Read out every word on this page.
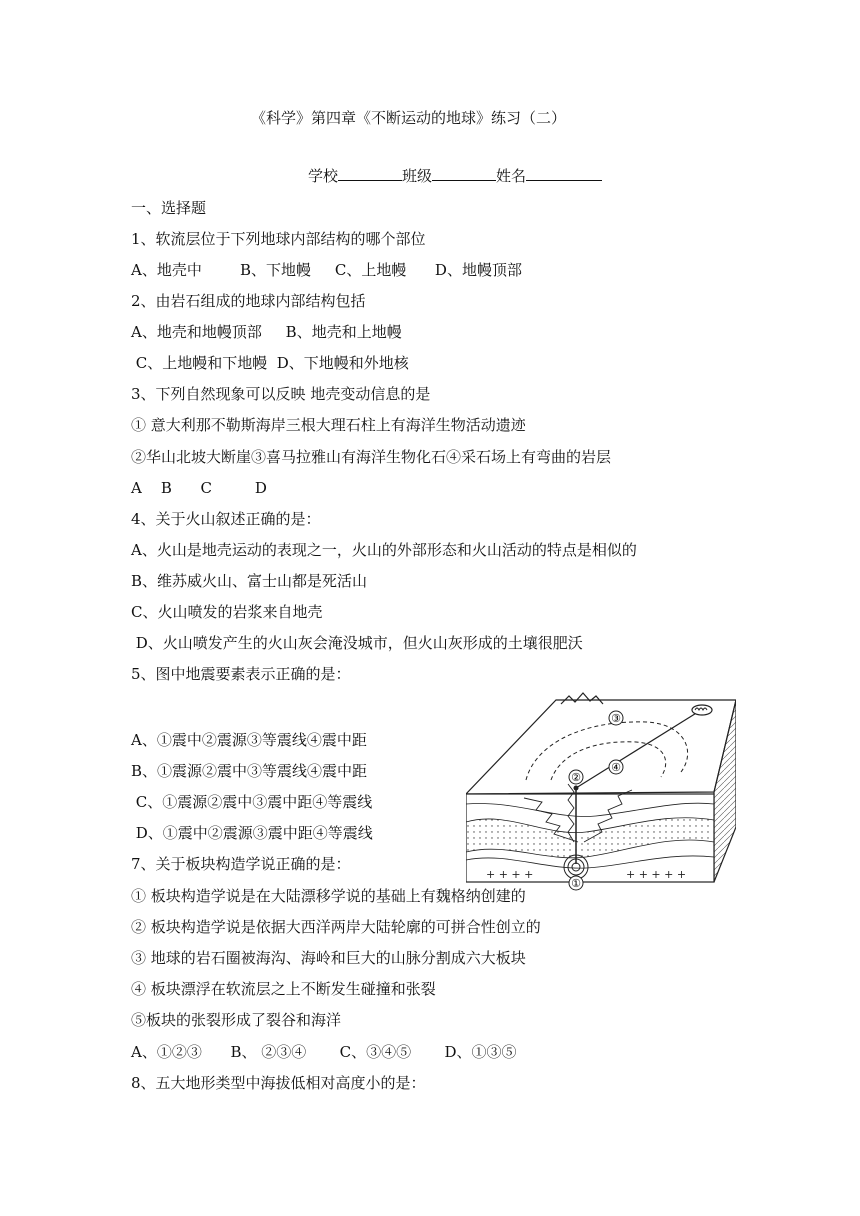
《科学》第四章《不断运动的地球》练习（二）
学校	班级	姓名
一、选择题
1、软流层位于下列地球内部结构的哪个部位
A、地壳中        B、下地幔     C、上地幔      D、地幔顶部
2、由岩石组成的地球内部结构包括
A、地壳和地幔顶部     B、地壳和上地幔
C、上地幔和下地幔  D、下地幔和外地核
3、下列自然现象可以反映 地壳变动信息的是
① 意大利那不勒斯海岸三根大理石柱上有海洋生物活动遗迹
②华山北坡大断崖③喜马拉雅山有海洋生物化石④采石场上有弯曲的岩层
A    B      C         D
4、关于火山叙述正确的是：
A、火山是地壳运动的表现之一，火山的外部形态和火山活动的特点是相似的
B、维苏威火山、富士山都是死活山
C、火山喷发的岩浆来自地壳
D、火山喷发产生的火山灰会淹没城市，但火山灰形成的土壤很肥沃
5、图中地震要素表示正确的是：
A、①震中②震源③等震线④震中距
B、①震源②震中③等震线④震中距
C、①震源②震中③震中距④等震线
D、①震中②震源③震中距④等震线
+ + + +	+ + + + +
③
④
②
①
7、关于板块构造学说正确的是：
① 板块构造学说是在大陆漂移学说的基础上有魏格纳创建的
② 板块构造学说是依据大西洋两岸大陆轮廓的可拼合性创立的
③ 地球的岩石圈被海沟、海岭和巨大的山脉分割成六大板块
④ 板块漂浮在软流层之上不断发生碰撞和张裂
⑤板块的张裂形成了裂谷和海洋
A、①②③      B、 ②③④       C、③④⑤       D、①③⑤
8、五大地形类型中海拔低相对高度小的是：
